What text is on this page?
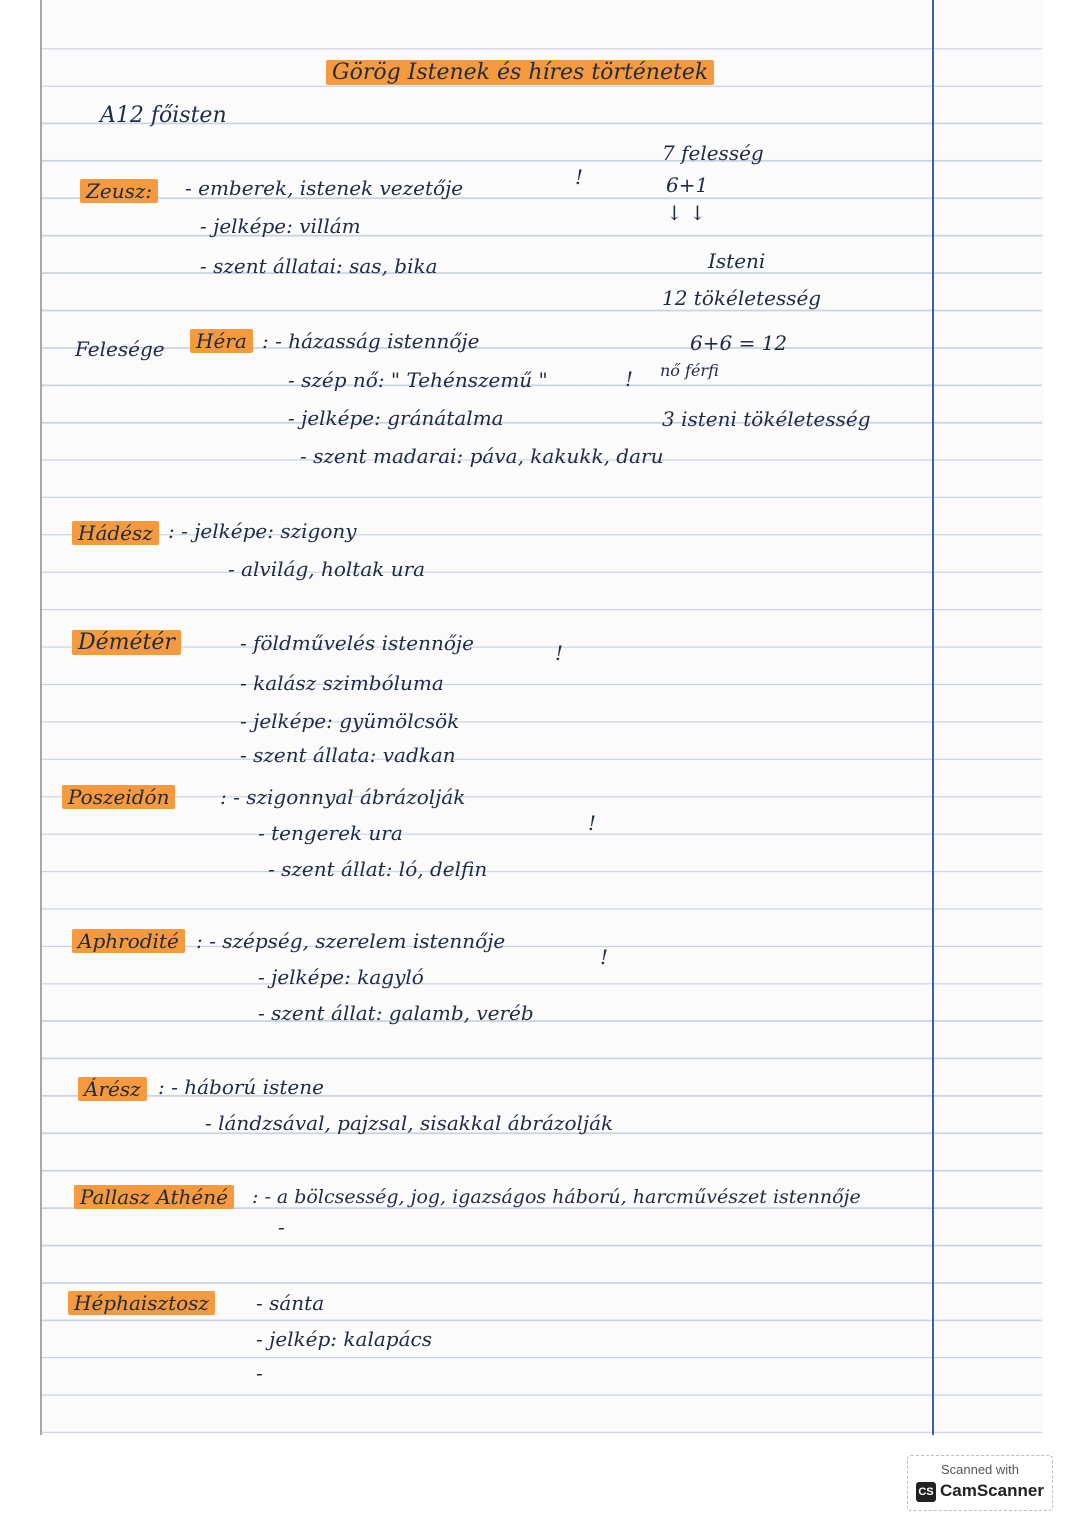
Görög Istenek és híres történetek
A12 főisten
7 felesség
6+1
↓ ↓
Isteni
12 tökéletesség
6+6 = 12
nő férfi
3 isteni tökéletesség
!
!
!
!
!
Zeusz:	- emberek, istenek vezetője
- jelképe: villám
- szent állatai: sas, bika
Felesége	Héra : - házasság istennője
- szép nő: " Tehénszemű "
- jelképe: gránátalma
- szent madarai: páva, kakukk, daru
Hádész : - jelképe: szigony
- alvilág, holtak ura
Démétér	- földművelés istennője
- kalász szimbóluma
- jelképe: gyümölcsök
- szent állata: vadkan
Poszeidón	: - szigonnyal ábrázolják
- tengerek ura
- szent állat: ló, delfin
Aphrodité : - szépség, szerelem istennője
- jelképe: kagyló
- szent állat: galamb, veréb
Árész : - háború istene
- lándzsával, pajzsal, sisakkal ábrázolják
Pallasz Athéné	: - a bölcsesség, jog, igazságos háború, harcművészet istennője
-
Héphaisztosz	- sánta
- jelkép: kalapács
-
Scanned with
CS CamScanner
